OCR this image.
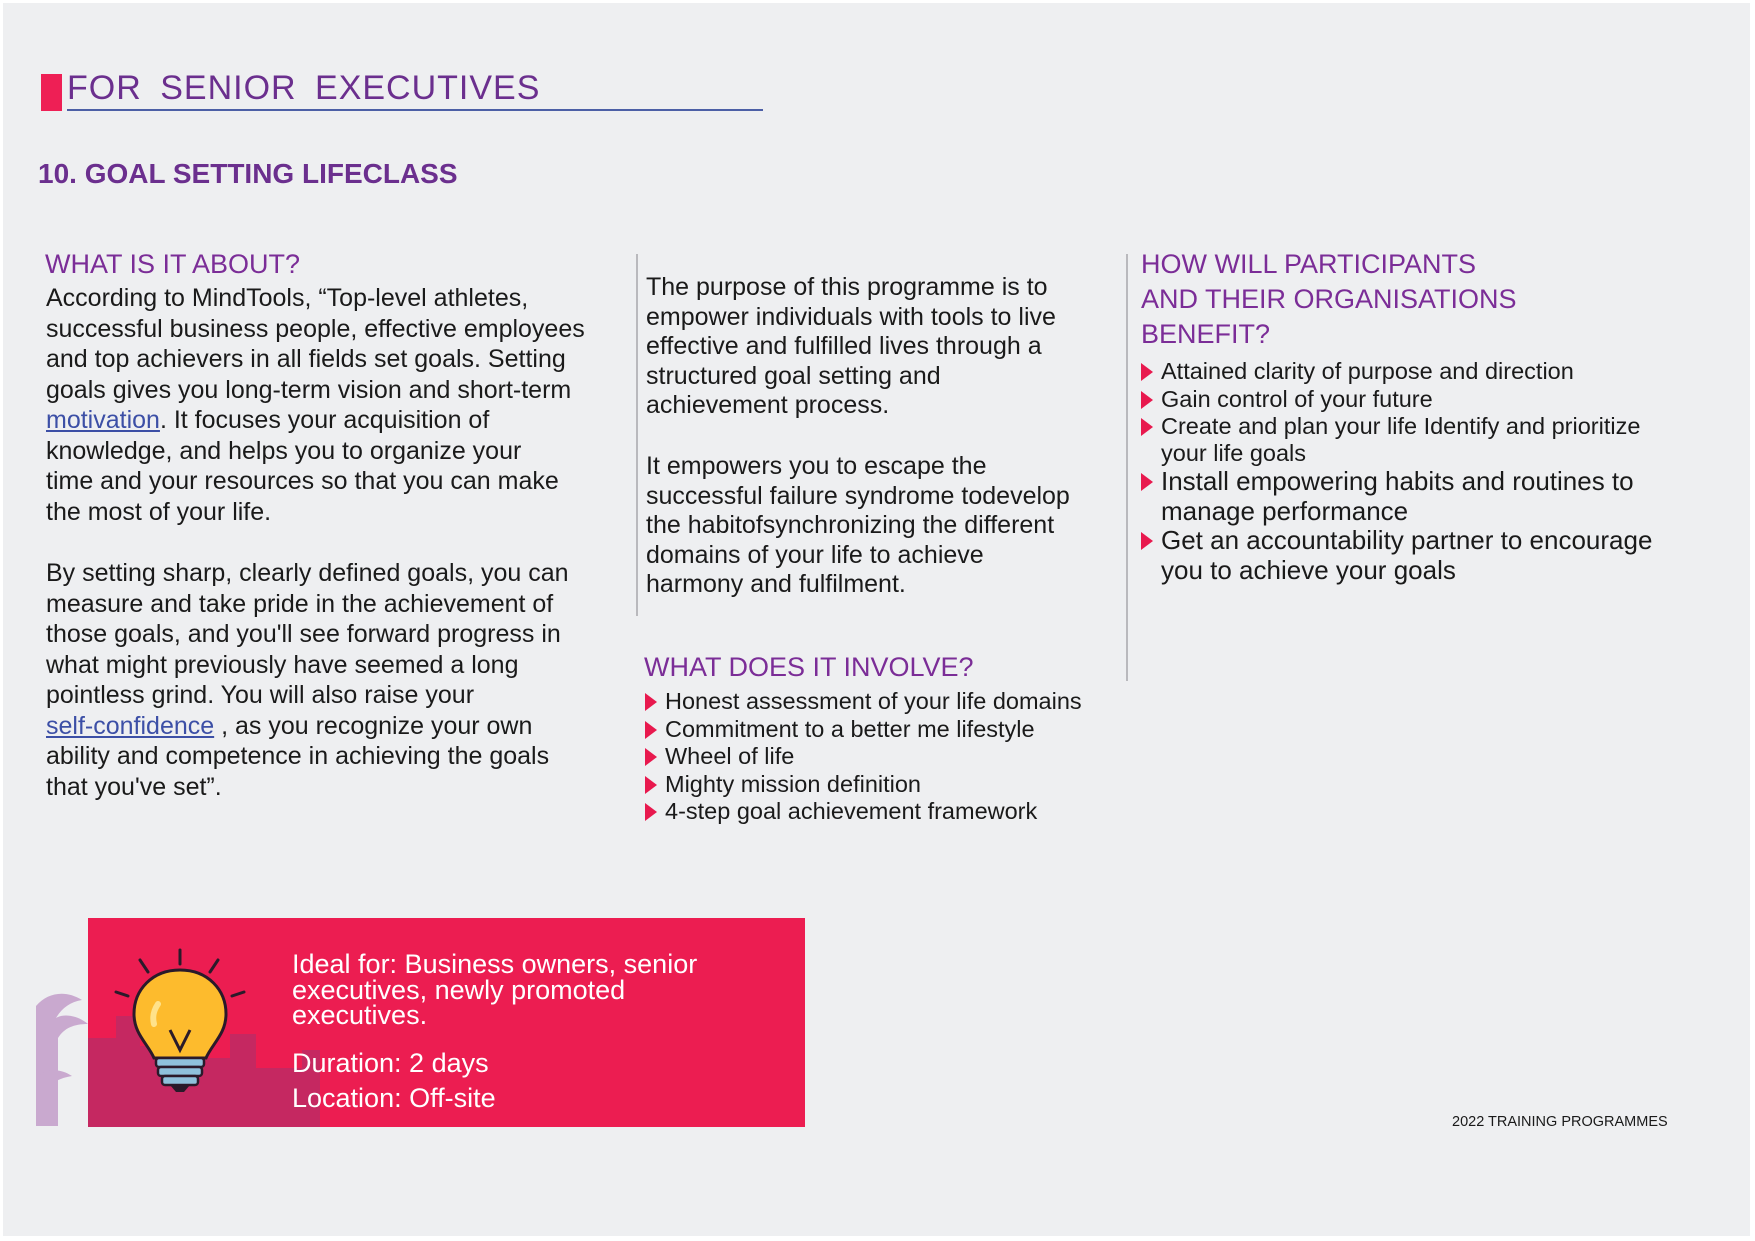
FOR SENIOR EXECUTIVES
10. GOAL SETTING LIFECLASS
WHAT IS IT ABOUT?
According to MindTools, “Top-level athletes,
successful business people, effective employees
and top achievers in all fields set goals. Setting
goals gives you long-term vision and short-term
motivation. It focuses your acquisition of
knowledge, and helps you to organize your
time and your resources so that you can make
the most of your life.
By setting sharp, clearly defined goals, you can
measure and take pride in the achievement of
those goals, and you'll see forward progress in
what might previously have seemed a long
pointless grind. You will also raise your
self-confidence , as you recognize your own
ability and competence in achieving the goals
that you've set”.
The purpose of this programme is to
empower individuals with tools to live
effective and fulfilled lives through a
structured goal setting and
achievement process.
It empowers you to escape the
successful failure syndrome todevelop
the habitofsynchronizing the different
domains of your life to achieve
harmony and fulfilment.
WHAT DOES IT INVOLVE?
Honest assessment of your life domains
Commitment to a better me lifestyle
Wheel of life
Mighty mission definition
4-step goal achievement framework
HOW WILL PARTICIPANTS
AND THEIR ORGANISATIONS
BENEFIT?
Attained clarity of purpose and direction
Gain control of your future
Create and plan your life Identify and prioritize
your life goals
Install empowering habits and routines to
manage performance
Get an accountability partner to encourage
you to achieve your goals
Ideal for: Business owners, senior
executives, newly promoted
executives.
Duration: 2 days
Location: Off-site
2022 TRAINING PROGRAMMES
